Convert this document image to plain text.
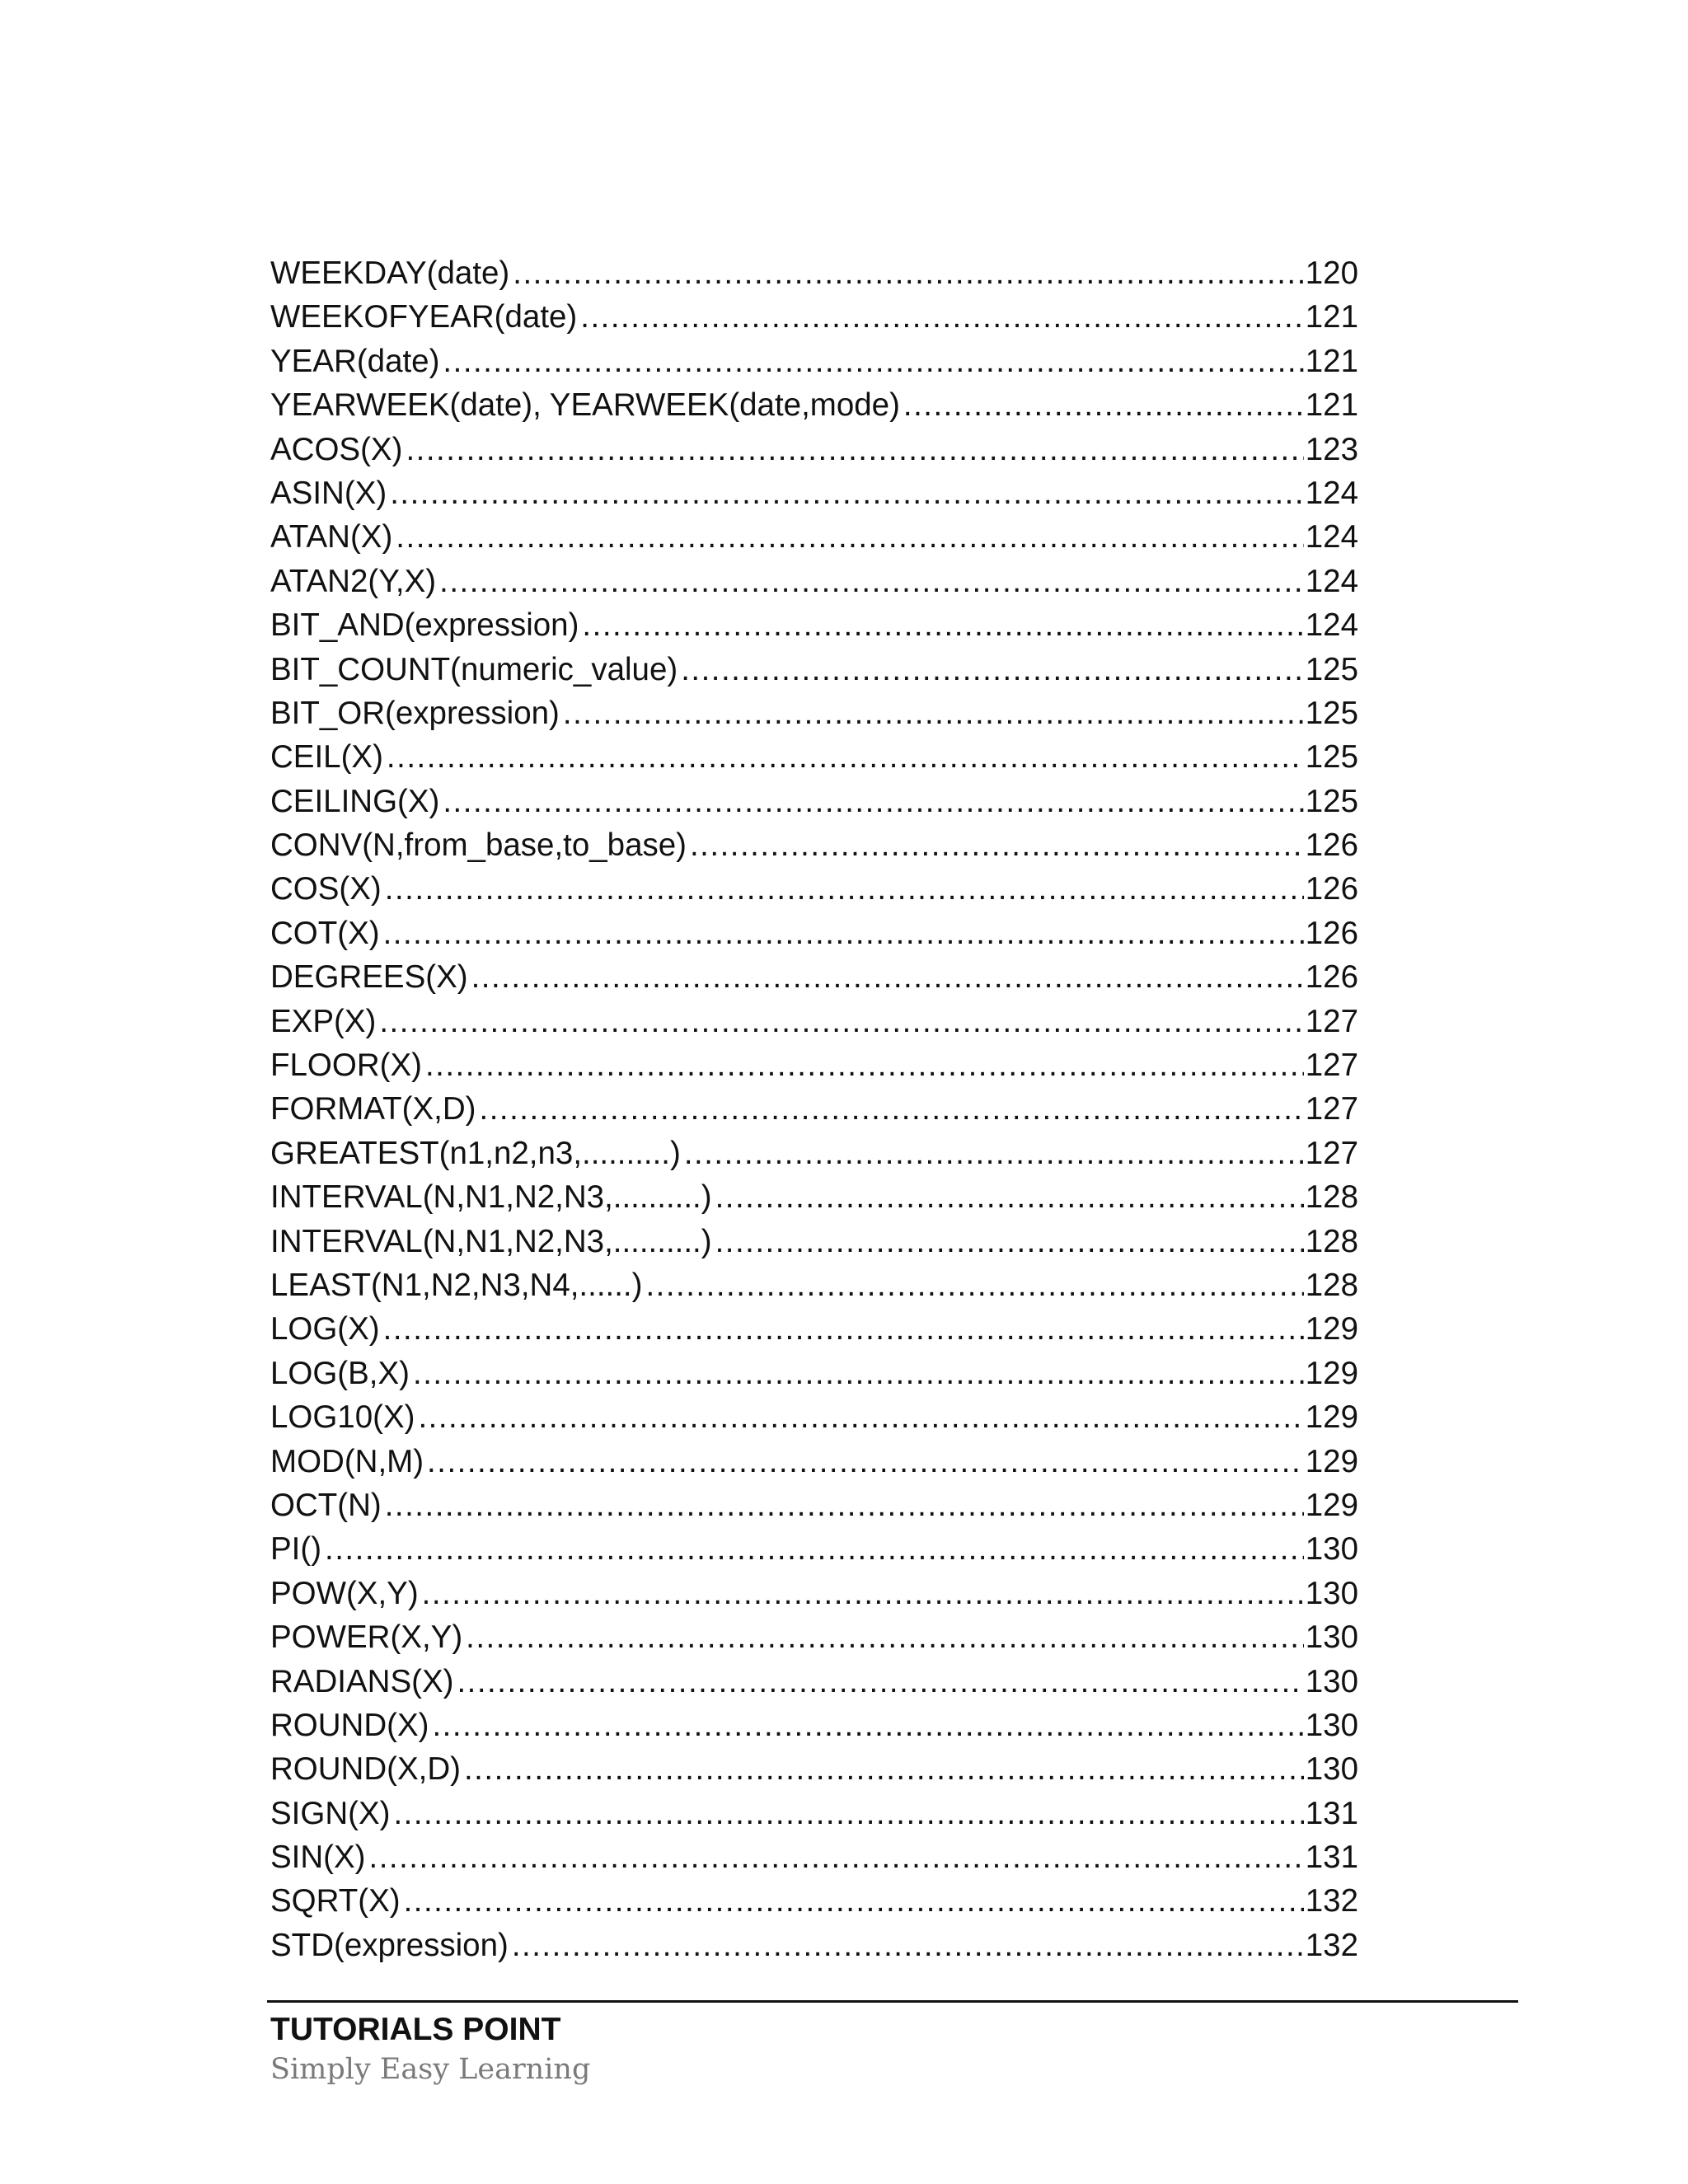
WEEKDAY(date) .....	120
WEEKOFYEAR(date) .....	121
YEAR(date) .....	121
YEARWEEK(date), YEARWEEK(date,mode) .....	121
ACOS(X) .....	123
ASIN(X) .....	124
ATAN(X) .....	124
ATAN2(Y,X) .....	124
BIT_AND(expression) .....	124
BIT_COUNT(numeric_value) .....	125
BIT_OR(expression) .....	125
CEIL(X) .....	125
CEILING(X) .....	125
CONV(N,from_base,to_base) .....	126
COS(X) .....	126
COT(X) .....	126
DEGREES(X) .....	126
EXP(X) .....	127
FLOOR(X) .....	127
FORMAT(X,D) .....	127
GREATEST(n1,n2,n3,..........) .....	127
INTERVAL(N,N1,N2,N3,..........) .....	128
INTERVAL(N,N1,N2,N3,..........) .....	128
LEAST(N1,N2,N3,N4,......) .....	128
LOG(X) .....	129
LOG(B,X) .....	129
LOG10(X) .....	129
MOD(N,M) .....	129
OCT(N) .....	129
PI() .....	130
POW(X,Y) .....	130
POWER(X,Y) .....	130
RADIANS(X) .....	130
ROUND(X) .....	130
ROUND(X,D) .....	130
SIGN(X) .....	131
SIN(X) .....	131
SQRT(X) .....	132
STD(expression) .....	132
TUTORIALS POINT
Simply Easy Learning
